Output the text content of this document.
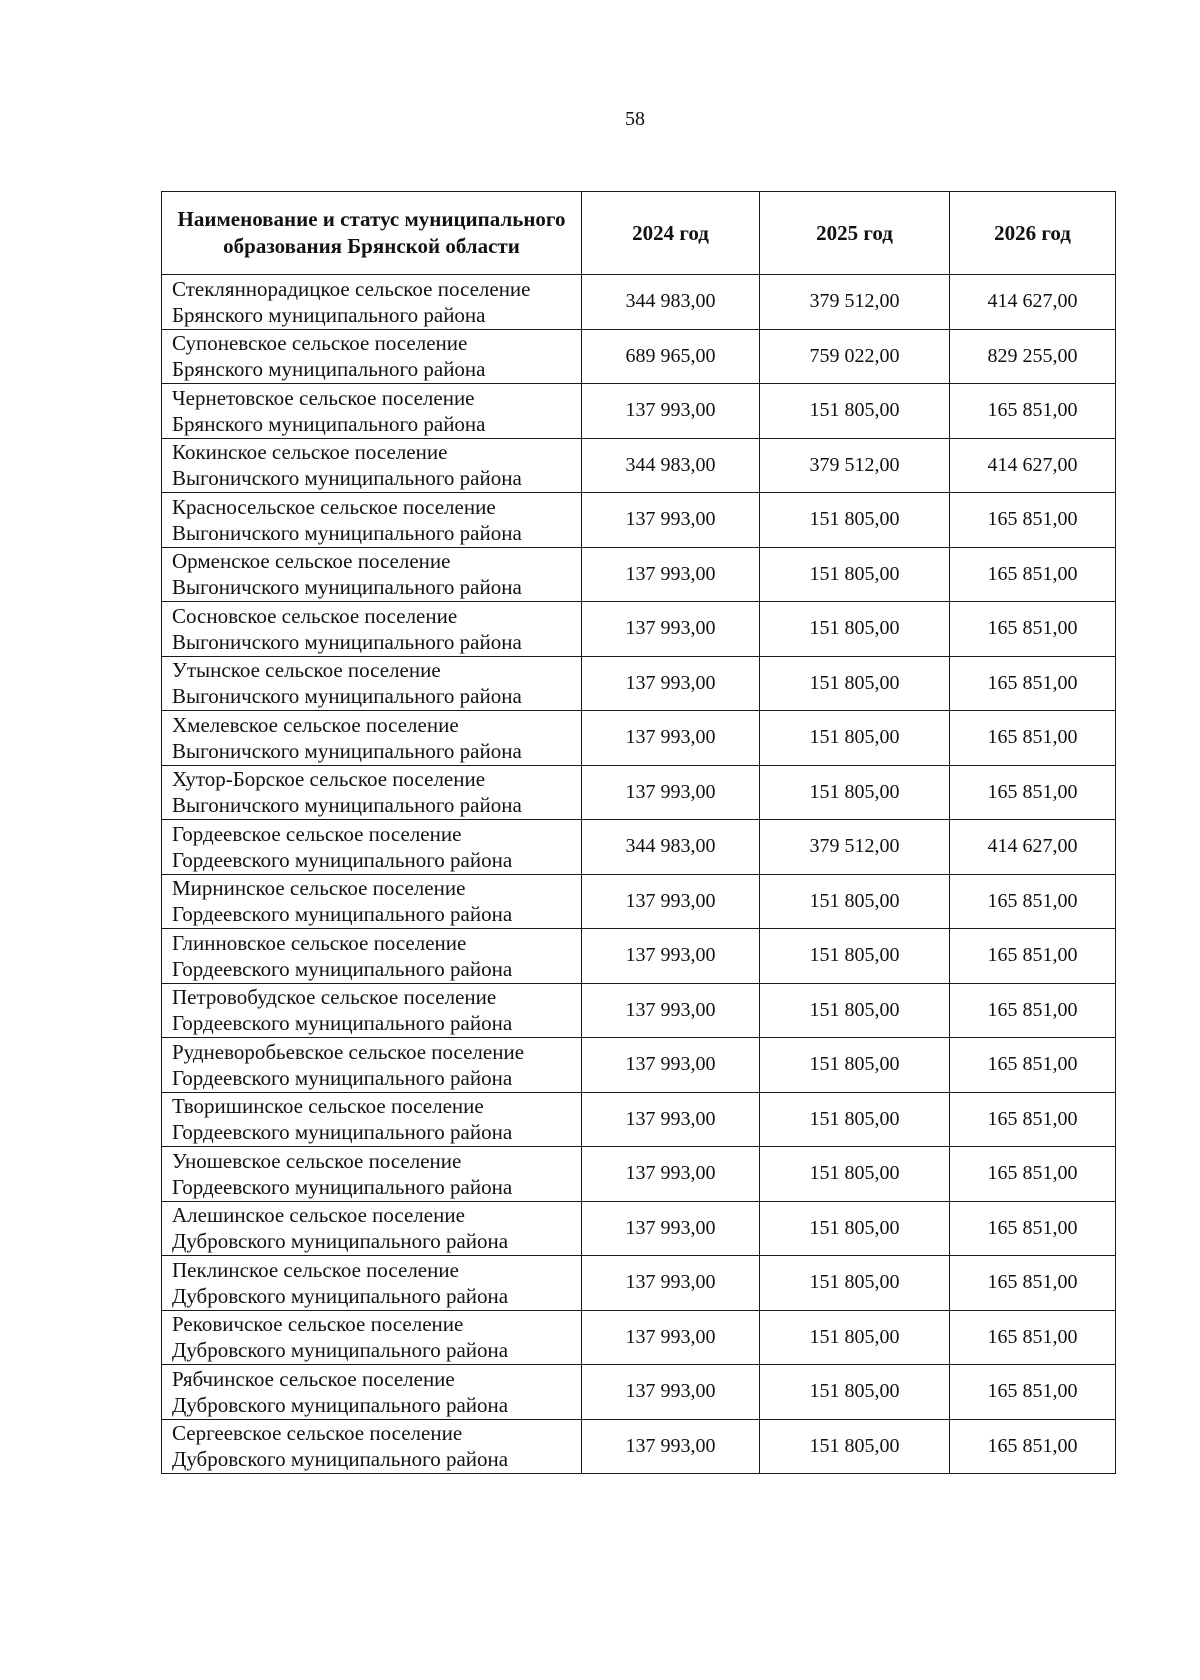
58
Наименование и статус муниципального образования Брянской области	2024 год	2025 год	2026 год

Стекляннорадицкое сельское поселение
Брянского муниципального района	344 983,00	379 512,00	414 627,00

Супоневское сельское поселение
Брянского муниципального района	689 965,00	759 022,00	829 255,00

Чернетовское сельское поселение
Брянского муниципального района	137 993,00	151 805,00	165 851,00

Кокинское сельское поселение
Выгоничского муниципального района	344 983,00	379 512,00	414 627,00

Красносельское сельское поселение
Выгоничского муниципального района	137 993,00	151 805,00	165 851,00

Орменское сельское поселение
Выгоничского муниципального района	137 993,00	151 805,00	165 851,00

Сосновское сельское поселение
Выгоничского муниципального района	137 993,00	151 805,00	165 851,00

Утынское сельское поселение
Выгоничского муниципального района	137 993,00	151 805,00	165 851,00

Хмелевское сельское поселение
Выгоничского муниципального района	137 993,00	151 805,00	165 851,00

Хутор-Борское сельское поселение
Выгоничского муниципального района	137 993,00	151 805,00	165 851,00

Гордеевское сельское поселение
Гордеевского муниципального района	344 983,00	379 512,00	414 627,00

Мирнинское сельское поселение
Гордеевского муниципального района	137 993,00	151 805,00	165 851,00

Глинновское сельское поселение
Гордеевского муниципального района	137 993,00	151 805,00	165 851,00

Петровобудское сельское поселение
Гордеевского муниципального района	137 993,00	151 805,00	165 851,00

Рудневоробьевское сельское поселение
Гордеевского муниципального района	137 993,00	151 805,00	165 851,00

Творишинское сельское поселение
Гордеевского муниципального района	137 993,00	151 805,00	165 851,00

Уношевское сельское поселение
Гордеевского муниципального района	137 993,00	151 805,00	165 851,00

Алешинское сельское поселение
Дубровского муниципального района	137 993,00	151 805,00	165 851,00

Пеклинское сельское поселение
Дубровского муниципального района	137 993,00	151 805,00	165 851,00

Рековичское сельское поселение
Дубровского муниципального района	137 993,00	151 805,00	165 851,00

Рябчинское сельское поселение
Дубровского муниципального района	137 993,00	151 805,00	165 851,00

Сергеевское сельское поселение
Дубровского муниципального района	137 993,00	151 805,00	165 851,00
